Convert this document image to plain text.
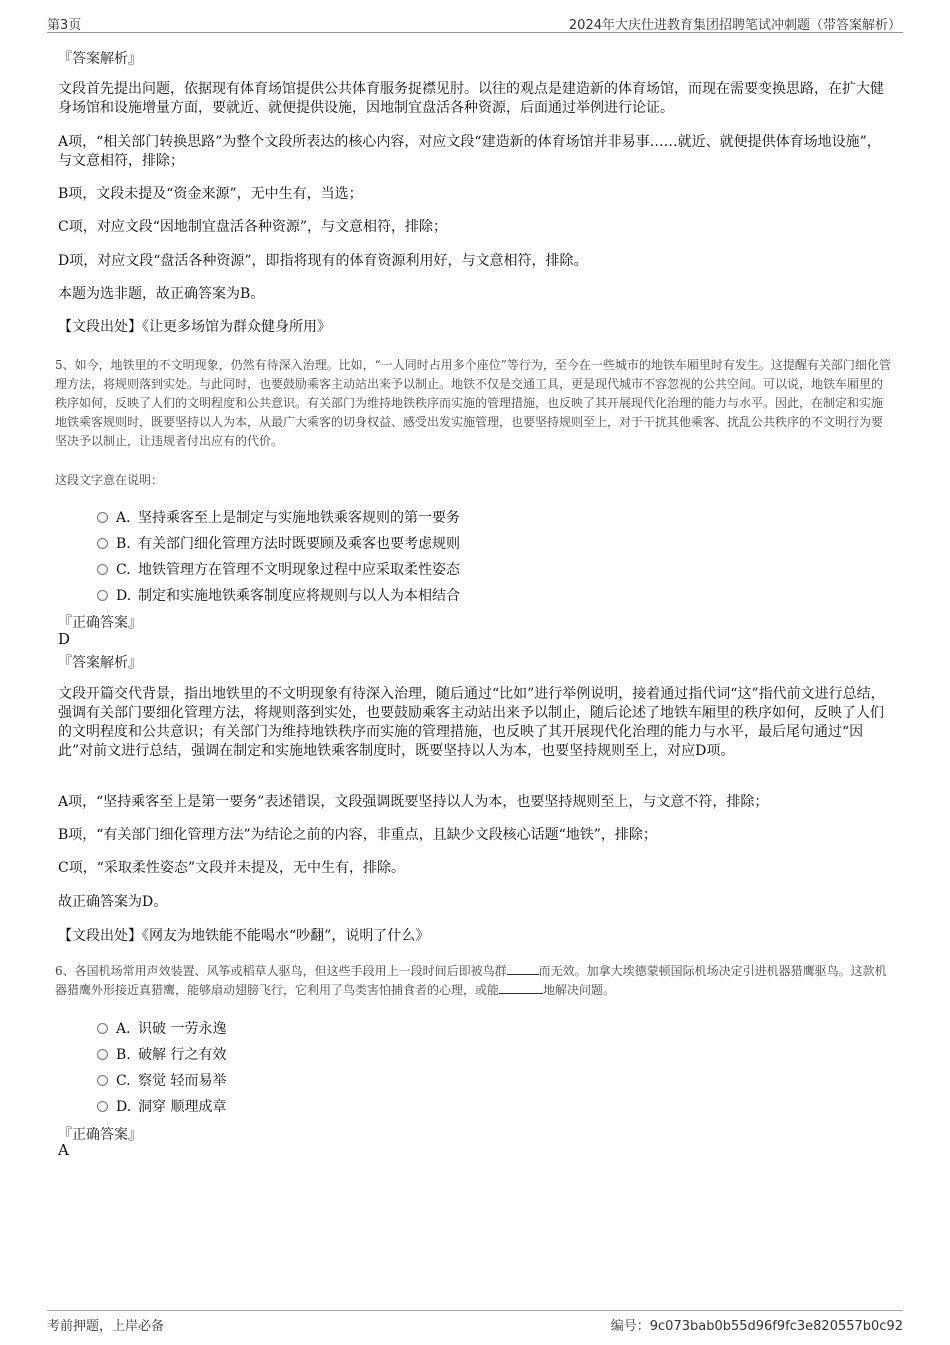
第3页	2024年大庆仕进教育集团招聘笔试冲刺题（带答案解析）
『答案解析』
文段首先提出问题，依据现有体育场馆提供公共体育服务捉襟见肘。以往的观点是建造新的体育场馆，而现在需要变换思路，在扩大健身场馆和设施增量方面，要就近、就便提供设施，因地制宜盘活各种资源，后面通过举例进行论证。
A项，“相关部门转换思路”为整个文段所表达的核心内容，对应文段“建造新的体育场馆并非易事……就近、就便提供体育场地设施”，与文意相符，排除；
B项，文段未提及“资金来源”，无中生有，当选；
C项，对应文段“因地制宜盘活各种资源”，与文意相符，排除；
D项，对应文段“盘活各种资源”，即指将现有的体育资源利用好，与文意相符，排除。
本题为选非题，故正确答案为B。
【文段出处】《让更多场馆为群众健身所用》
5、如今，地铁里的不文明现象，仍然有待深入治理。比如，“一人同时占用多个座位”等行为，至今在一些城市的地铁车厢里时有发生。这提醒有关部门细化管理方法，将规则落到实处。与此同时，也要鼓励乘客主动站出来予以制止。地铁不仅是交通工具，更是现代城市不容忽视的公共空间。可以说，地铁车厢里的秩序如何，反映了人们的文明程度和公共意识。有关部门为维持地铁秩序而实施的管理措施，也反映了其开展现代化治理的能力与水平。因此，在制定和实施地铁乘客规则时，既要坚持以人为本，从最广大乘客的切身权益、感受出发实施管理，也要坚持规则至上，对于干扰其他乘客、扰乱公共秩序的不文明行为要坚决予以制止，让违规者付出应有的代价。
这段文字意在说明：
A．坚持乘客至上是制定与实施地铁乘客规则的第一要务
B. 有关部门细化管理方法时既要顾及乘客也要考虑规则
C. 地铁管理方在管理不文明现象过程中应采取柔性姿态
D. 制定和实施地铁乘客制度应将规则与以人为本相结合
『正确答案』
D
『答案解析』
文段开篇交代背景，指出地铁里的不文明现象有待深入治理，随后通过“比如”进行举例说明，接着通过指代词“这”指代前文进行总结，强调有关部门要细化管理方法，将规则落到实处，也要鼓励乘客主动站出来予以制止，随后论述了地铁车厢里的秩序如何，反映了人们的文明程度和公共意识；有关部门为维持地铁秩序而实施的管理措施，也反映了其开展现代化治理的能力与水平，最后尾句通过“因此”对前文进行总结，强调在制定和实施地铁乘客制度时，既要坚持以人为本，也要坚持规则至上，对应D项。
A项，“坚持乘客至上是第一要务”表述错误，文段强调既要坚持以人为本，也要坚持规则至上，与文意不符，排除；
B项，“有关部门细化管理方法”为结论之前的内容，非重点，且缺少文段核心话题“地铁”，排除；
C项，“采取柔性姿态”文段并未提及，无中生有，排除。
故正确答案为D。
【文段出处】《网友为地铁能不能喝水“吵翻”，说明了什么》
6、各国机场常用声效装置、风筝或稻草人驱鸟，但这些手段用上一段时间后即被鸟群	而无效。加拿大埃德蒙顿国际机场决定引进机器猎鹰驱鸟。这款机器猎鹰外形接近真猎鹰，能够扇动翅膀飞行，它利用了鸟类害怕捕食者的心理，或能	地解决问题。
A．识破 一劳永逸
B. 破解 行之有效
C. 察觉 轻而易举
D. 洞穿 顺理成章
『正确答案』
A
考前押题，上岸必备	编号：9c073bab0b55d96f9fc3e820557b0c92
